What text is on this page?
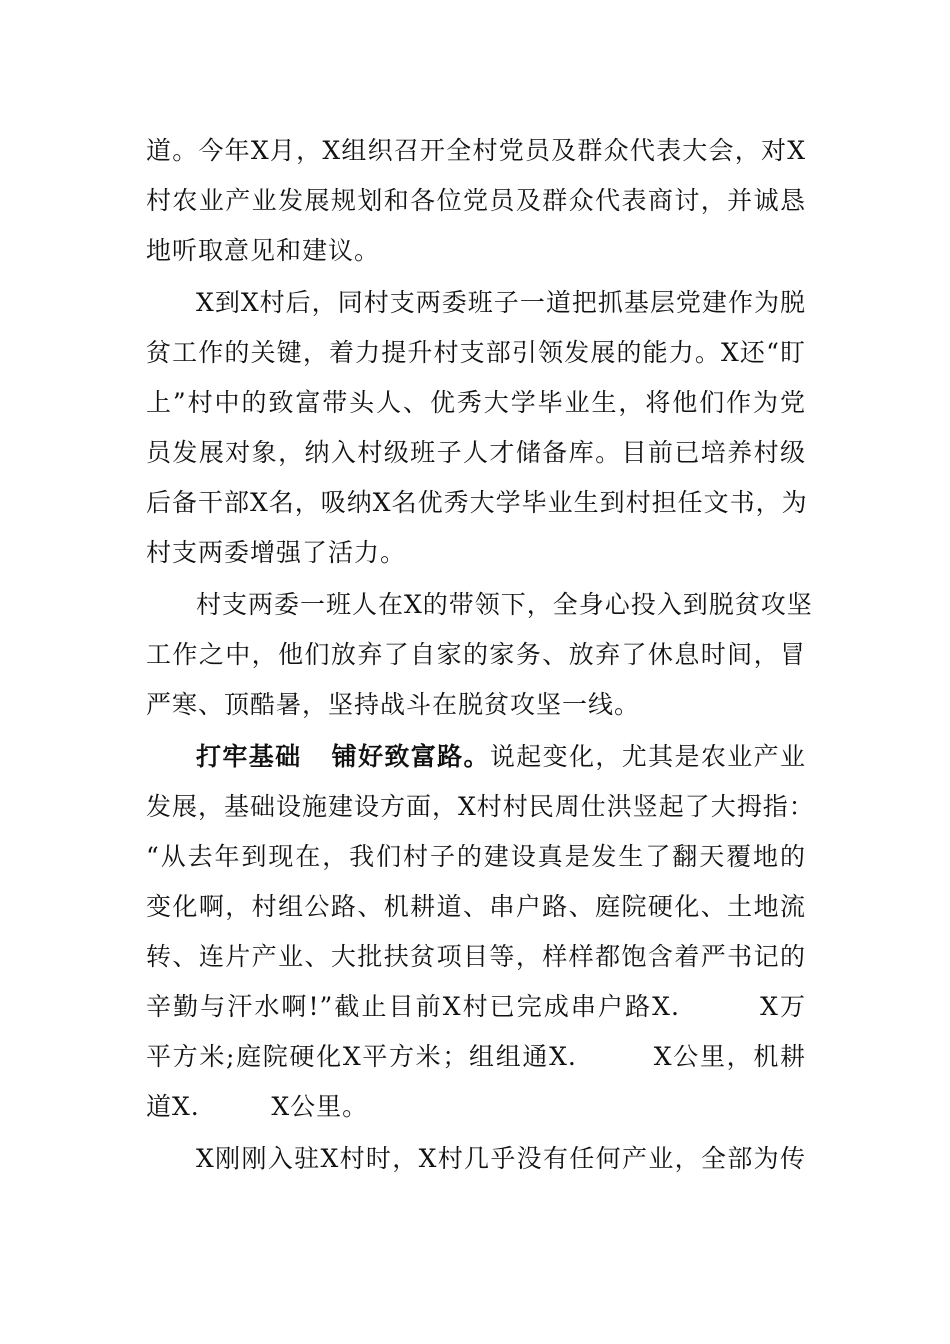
道。今年X月，X组织召开全村党员及群众代表大会，对X
村农业产业发展规划和各位党员及群众代表商讨，并诚恳
地听取意见和建议。
X到X村后，同村支两委班子一道把抓基层党建作为脱
贫工作的关键，着力提升村支部引领发展的能力。X还“盯
上”村中的致富带头人、优秀大学毕业生，将他们作为党
员发展对象，纳入村级班子人才储备库。目前已培养村级
后备干部X名，吸纳X名优秀大学毕业生到村担任文书，为
村支两委增强了活力。
村支两委一班人在X的带领下，全身心投入到脱贫攻坚
工作之中，他们放弃了自家的家务、放弃了休息时间，冒
严寒、顶酷暑，坚持战斗在脱贫攻坚一线。
打牢基础   铺好致富路。说起变化，尤其是农业产业
发展，基础设施建设方面，X村村民周仕洪竖起了大拇指：
“从去年到现在，我们村子的建设真是发生了翻天覆地的
变化啊，村组公路、机耕道、串户路、庭院硬化、土地流
转、连片产业、大批扶贫项目等，样样都饱含着严书记的
辛勤与汗水啊!”截止目前X村已完成串户路X.        X万
平方米;庭院硬化X平方米；组组通X.        X公里，机耕
道X.        X公里。
X刚刚入驻X村时，X村几乎没有任何产业，全部为传
